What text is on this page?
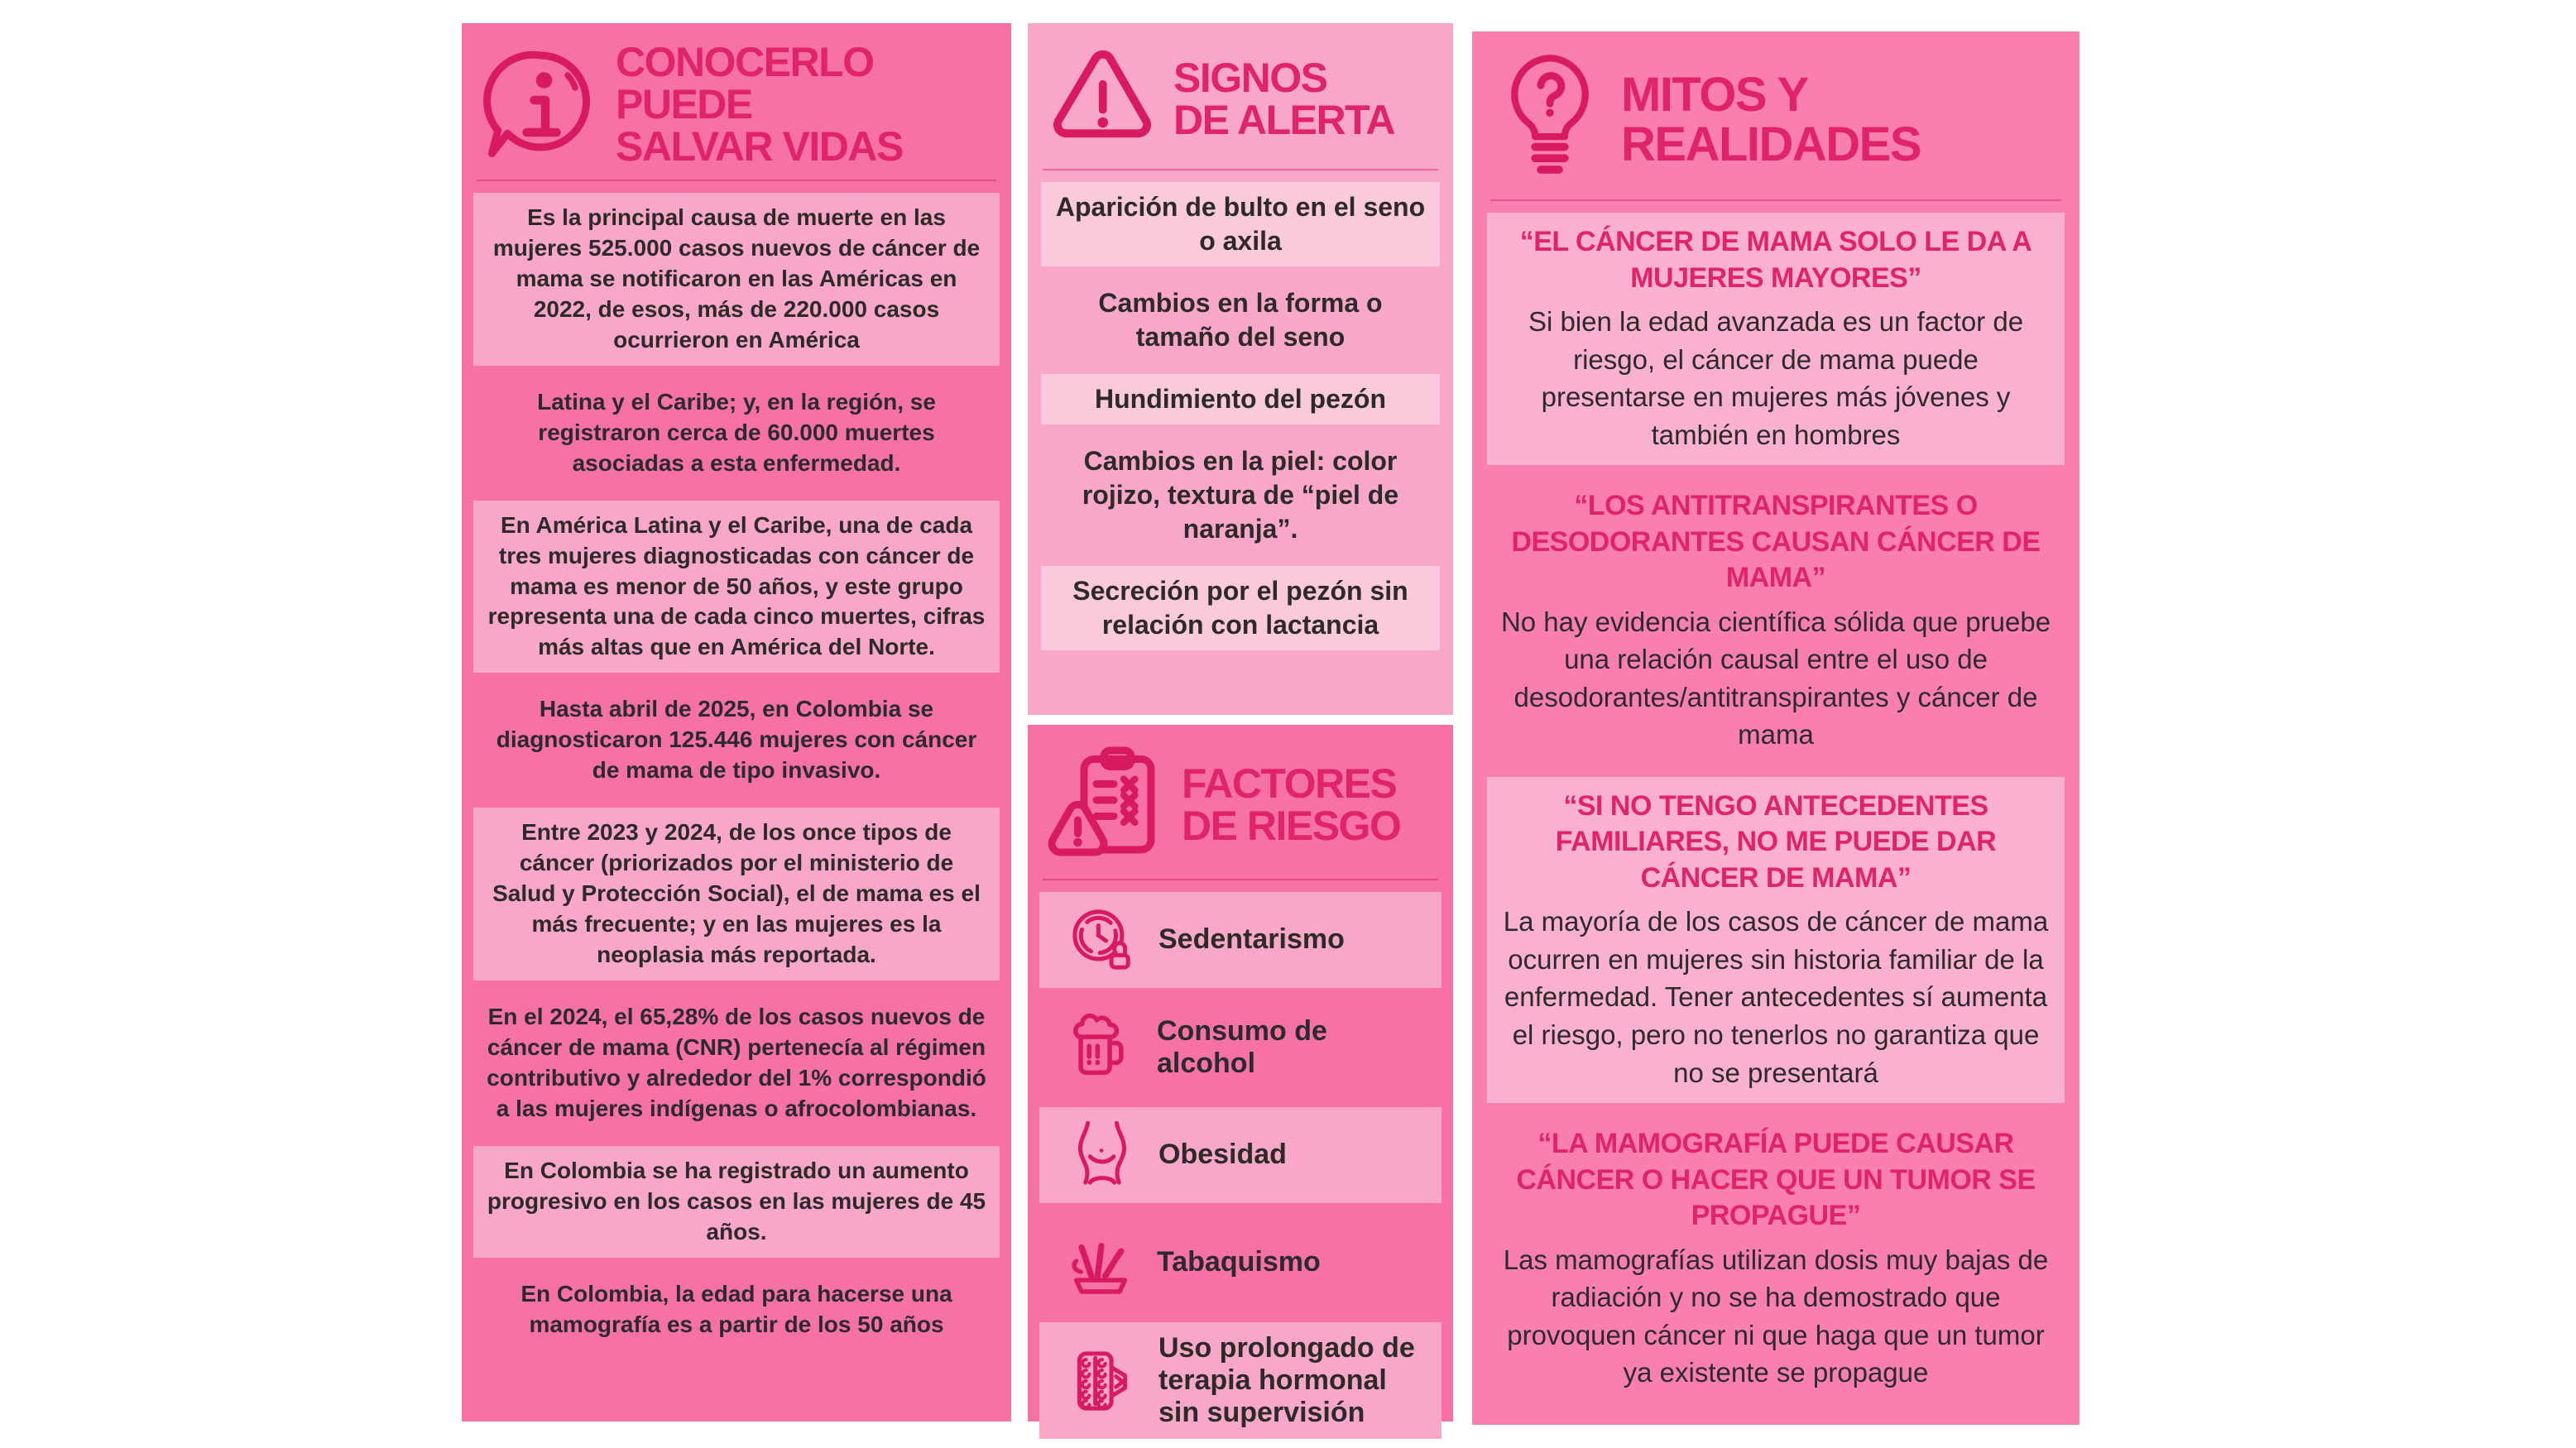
CONOCERLO PUEDE
SALVAR VIDAS

Es la principal causa de muerte en las mujeres 525.000 casos nuevos de cáncer de mama se notificaron en las Américas en 2022, de esos, más de 220.000 casos ocurrieron en América

Latina y el Caribe; y, en la región, se registraron cerca de 60.000 muertes asociadas a esta enfermedad.

En América Latina y el Caribe, una de cada tres mujeres diagnosticadas con cáncer de mama es menor de 50 años, y este grupo representa una de cada cinco muertes, cifras más altas que en América del Norte.

Hasta abril de 2025, en Colombia se diagnosticaron 125.446 mujeres con cáncer de mama de tipo invasivo.

Entre 2023 y 2024, de los once tipos de cáncer (priorizados por el ministerio de Salud y Protección Social), el de mama es el más frecuente; y en las mujeres es la neoplasia más reportada.

En el 2024, el 65,28% de los casos nuevos de cáncer de mama (CNR) pertenecía al régimen contributivo y alrededor del 1% correspondió a las mujeres indígenas o afrocolombianas.

En Colombia se ha registrado un aumento progresivo en los casos en las mujeres de 45 años.

En Colombia, la edad para hacerse una mamografía es a partir de los 50 años

SIGNOS
DE ALERTA

Aparición de bulto en el seno o axila

Cambios en la forma o tamaño del seno

Hundimiento del pezón

Cambios en la piel: color rojizo, textura de “piel de naranja”.

Secreción por el pezón sin relación con lactancia

FACTORES
DE RIESGO

Sedentarismo

Consumo de alcohol

Obesidad

Tabaquismo

Uso prolongado de terapia hormonal sin supervisión

MITOS Y
REALIDADES
“EL CÁNCER DE MAMA SOLO LE DA A MUJERES MAYORES”

Si bien la edad avanzada es un factor de riesgo, el cáncer de mama puede presentarse en mujeres más jóvenes y también en hombres

“LOS ANTITRANSPIRANTES O DESODORANTES CAUSAN CÁNCER DE MAMA”

No hay evidencia científica sólida que pruebe una relación causal entre el uso de desodorantes/antitranspirantes y cáncer de mama

“SI NO TENGO ANTECEDENTES FAMILIARES, NO ME PUEDE DAR CÁNCER DE MAMA”

La mayoría de los casos de cáncer de mama ocurren en mujeres sin historia familiar de la enfermedad. Tener antecedentes sí aumenta el riesgo, pero no tenerlos no garantiza que no se presentará

“LA MAMOGRAFÍA PUEDE CAUSAR CÁNCER O HACER QUE UN TUMOR SE PROPAGUE”

Las mamografías utilizan dosis muy bajas de radiación y no se ha demostrado que provoquen cáncer ni que haga que un tumor ya existente se propague
